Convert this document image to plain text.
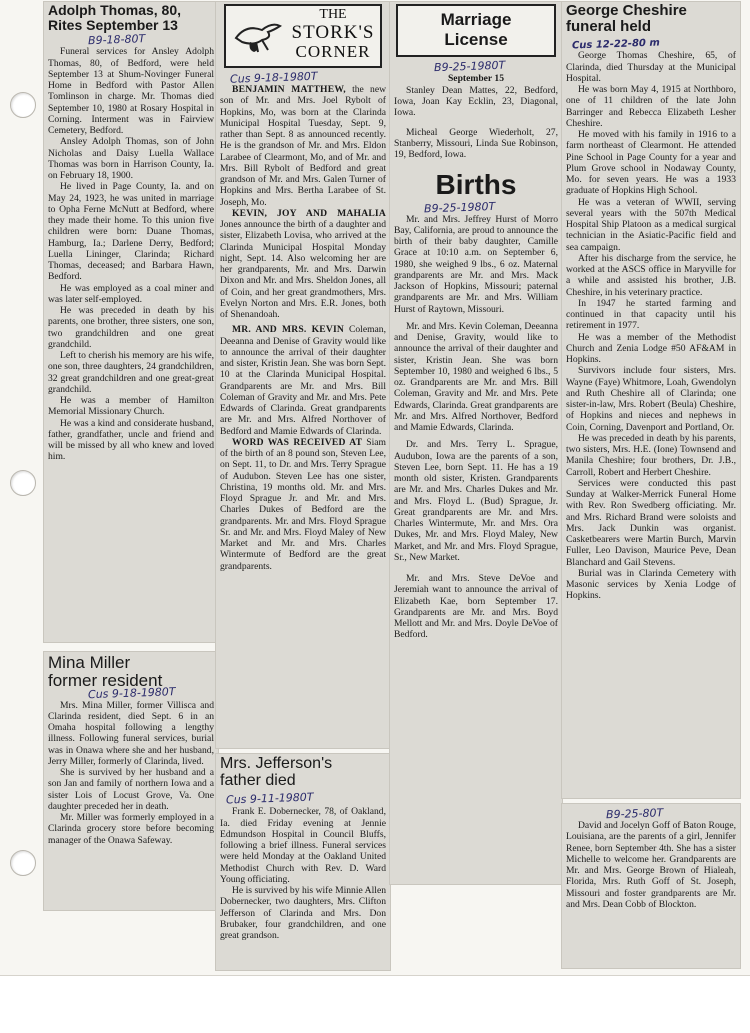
Adolph Thomas, 80,
Rites September 13
B9-18-80T

Funeral services for Ansley Adolph Thomas, 80, of Bedford, were held September 13 at Shum-Novinger Funeral Home in Bedford with Pastor Allen Tomlinson in charge. Mr. Thomas died September 10, 1980 at Rosary Hospital in Corning. Interment was in Fairview Cemetery, Bedford.

Ansley Adolph Thomas, son of John Nicholas and Daisy Luella Wallace Thomas was born in Harrison County, Ia. on February 18, 1900.

He lived in Page County, Ia. and on May 24, 1923, he was united in marriage to Opha Ferne McNutt at Bedford, where they made their home. To this union five children were born: Duane Thomas, Hamburg, Ia.; Darlene Derry, Bedford; Luella Lininger, Clarinda; Richard Thomas, deceased; and Barbara Hawn, Bedford.

He was employed as a coal miner and was later self-employed.

He was preceded in death by his parents, one brother, three sisters, one son, two grandchildren and one great grandchild.

Left to cherish his memory are his wife, one son, three daughters, 24 grandchildren, 32 great grandchildren and one great-great grandchild.

He was a member of Hamilton Memorial Missionary Church.

He was a kind and considerate husband, father, grandfather, uncle and friend and will be missed by all who knew and loved him.

Mina Miller
former resident
Cus 9-18-1980T

Mrs. Mina Miller, former Villisca and Clarinda resident, died Sept. 6 in an Omaha hospital following a lengthy illness. Following funeral services, burial was in Onawa where she and her husband, Jerry Miller, formerly of Clarinda, lived.

She is survived by her husband and a son Jan and family of northern Iowa and a sister Lois of Locust Grove, Va. One daughter preceded her in death.

Mr. Miller was formerly employed in a Clarinda grocery store before becoming manager of the Onawa Safeway.

THE
STORK'S
CORNER
Cus 9-18-1980T

BENJAMIN MATTHEW, the new son of Mr. and Mrs. Joel Rybolt of Hopkins, Mo, was born at the Clarinda Municipal Hospital Tuesday, Sept. 9, rather than Sept. 8 as announced recently. He is the grandson of Mr. and Mrs. Eldon Larabee of Clearmont, Mo, and of Mr. and Mrs. Bill Rybolt of Bedford and great grandson of Mr. and Mrs. Galen Turner of Hopkins and Mrs. Bertha Larabee of St. Joseph, Mo.

KEVIN, JOY AND MAHALIA Jones announce the birth of a daughter and sister, Elizabeth Lovisa, who arrived at the Clarinda Municipal Hospital Monday night, Sept. 14. Also welcoming her are her grandparents, Mr. and Mrs. Darwin Dixon and Mr. and Mrs. Sheldon Jones, all of Coin, and her great grandmothers, Mrs. Evelyn Norton and Mrs. E.R. Jones, both of Shenandoah.

MR. AND MRS. KEVIN Coleman, Deeanna and Denise of Gravity would like to announce the arrival of their daughter and sister, Kristin Jean. She was born Sept. 10 at the Clarinda Municipal Hospital. Grandparents are Mr. and Mrs. Bill Coleman of Gravity and Mr. and Mrs. Pete Edwards of Clarinda. Great grandparents are Mr. and Mrs. Alfred Northover of Bedford and Mamie Edwards of Clarinda.

WORD WAS RECEIVED AT Siam of the birth of an 8 pound son, Steven Lee, on Sept. 11, to Dr. and Mrs. Terry Sprague of Audubon. Steven Lee has one sister, Christina, 19 months old. Mr. and Mrs. Floyd Sprague Jr. and Mr. and Mrs. Charles Dukes of Bedford are the grandparents. Mr. and Mrs. Floyd Sprague Sr. and Mr. and Mrs. Floyd Maley of New Market and Mr. and Mrs. Charles Wintermute of Bedford are the great grandparents.

Mrs. Jefferson's
father diedCus 9-11-1980T

Frank E. Dobernecker, 78, of Oakland, Ia. died Friday evening at Jennie Edmundson Hospital in Council Bluffs, following a brief illness. Funeral services were held Monday at the Oakland United Methodist Church with Rev. D. Ward Young officiating.

He is survived by his wife Minnie Allen Dobernecker, two daughters, Mrs. Clifton Jefferson of Clarinda and Mrs. Don Brubaker, four grandchildren, and one great grandson.

Marriage
License
B9-25-1980T
September 15

Stanley Dean Mattes, 22, Bedford, Iowa, Joan Kay Ecklin, 23, Diagonal, Iowa.

Micheal George Wiederholt, 27, Stanberry, Missouri, Linda Sue Robinson, 19, Bedford, Iowa.

Births
B9-25-1980T

Mr. and Mrs. Jeffrey Hurst of Morro Bay, California, are proud to announce the birth of their baby daughter, Camille Grace at 10:10 a.m. on September 6, 1980, she weighed 9 lbs., 6 oz. Maternal grandparents are Mr. and Mrs. Mack Jackson of Hopkins, Missouri; paternal grandparents are Mr. and Mrs. William Hurst of Raytown, Missouri.

Mr. and Mrs. Kevin Coleman, Deeanna and Denise, Gravity, would like to announce the arrival of their daughter and sister, Kristin Jean. She was born September 10, 1980 and weighed 6 lbs., 5 oz. Grandparents are Mr. and Mrs. Bill Coleman, Gravity and Mr. and Mrs. Pete Edwards, Clarinda. Great grandparents are Mr. and Mrs. Alfred Northover, Bedford and Mamie Edwards, Clarinda.

Dr. and Mrs. Terry L. Sprague, Audubon, Iowa are the parents of a son, Steven Lee, born Sept. 11. He has a 19 month old sister, Kristen. Grandparents are Mr. and Mrs. Charles Dukes and Mr. and Mrs. Floyd L. (Bud) Sprague, Jr. Great grandparents are Mr. and Mrs. Charles Wintermute, Mr. and Mrs. Ora Dukes, Mr. and Mrs. Floyd Maley, New Market, and Mr. and Mrs. Floyd Sprague, Sr., New Market.

Mr. and Mrs. Steve DeVoe and Jeremiah want to announce the arrival of Elizabeth Kae, born September 17. Grandparents are Mr. and Mrs. Boyd Mellott and Mr. and Mrs. Doyle DeVoe of Bedford.

George Cheshire
funeral heldCus 12-22-80 m

George Thomas Cheshire, 65, of Clarinda, died Thursday at the Municipal Hospital.

He was born May 4, 1915 at Northboro, one of 11 children of the late John Barringer and Rebecca Elizabeth Lesher Cheshire.

He moved with his family in 1916 to a farm northeast of Clearmont. He attended Pine School in Page County for a year and Plum Grove school in Nodaway County, Mo. for seven years. He was a 1933 graduate of Hopkins High School.

He was a veteran of WWII, serving several years with the 507th Medical Hospital Ship Platoon as a medical surgical technician in the Asiatic-Pacific field and sea campaign.

After his discharge from the service, he worked at the ASCS office in Maryville for a while and assisted his brother, J.B. Cheshire, in his veterinary practice.

In 1947 he started farming and continued in that capacity until his retirement in 1977.

He was a member of the Methodist Church and Zenia Lodge #50 AF&AM in Hopkins.

Survivors include four sisters, Mrs. Wayne (Faye) Whitmore, Loah, Gwendolyn and Ruth Cheshire all of Clarinda; one sister-in-law, Mrs. Robert (Beula) Cheshire, of Hopkins and nieces and nephews in Coin, Corning, Davenport and Portland, Or.

He was preceded in death by his parents, two sisters, Mrs. H.E. (Ione) Townsend and Manila Cheshire; four brothers, Dr. J.B., Carroll, Robert and Herbert Cheshire.

Services were conducted this past Sunday at Walker-Merrick Funeral Home with Rev. Ron Swedberg officiating. Mr. and Mrs. Richard Brand were soloists and Mrs. Jack Dunkin was organist. Casketbearers were Martin Burch, Marvin Fuller, Leo Davison, Maurice Peve, Dean Blanchard and Gail Stevens.

Burial was in Clarinda Cemetery with Masonic services by Xenia Lodge of Hopkins.

B9-25-80T

David and Jocelyn Goff of Baton Rouge, Louisiana, are the parents of a girl, Jennifer Renee, born September 4th. She has a sister Michelle to welcome her. Grandparents are Mr. and Mrs. George Brown of Hialeah, Florida, Mrs. Ruth Goff of St. Joseph, Missouri and foster grandparents are Mr. and Mrs. Dean Cobb of Blockton.
